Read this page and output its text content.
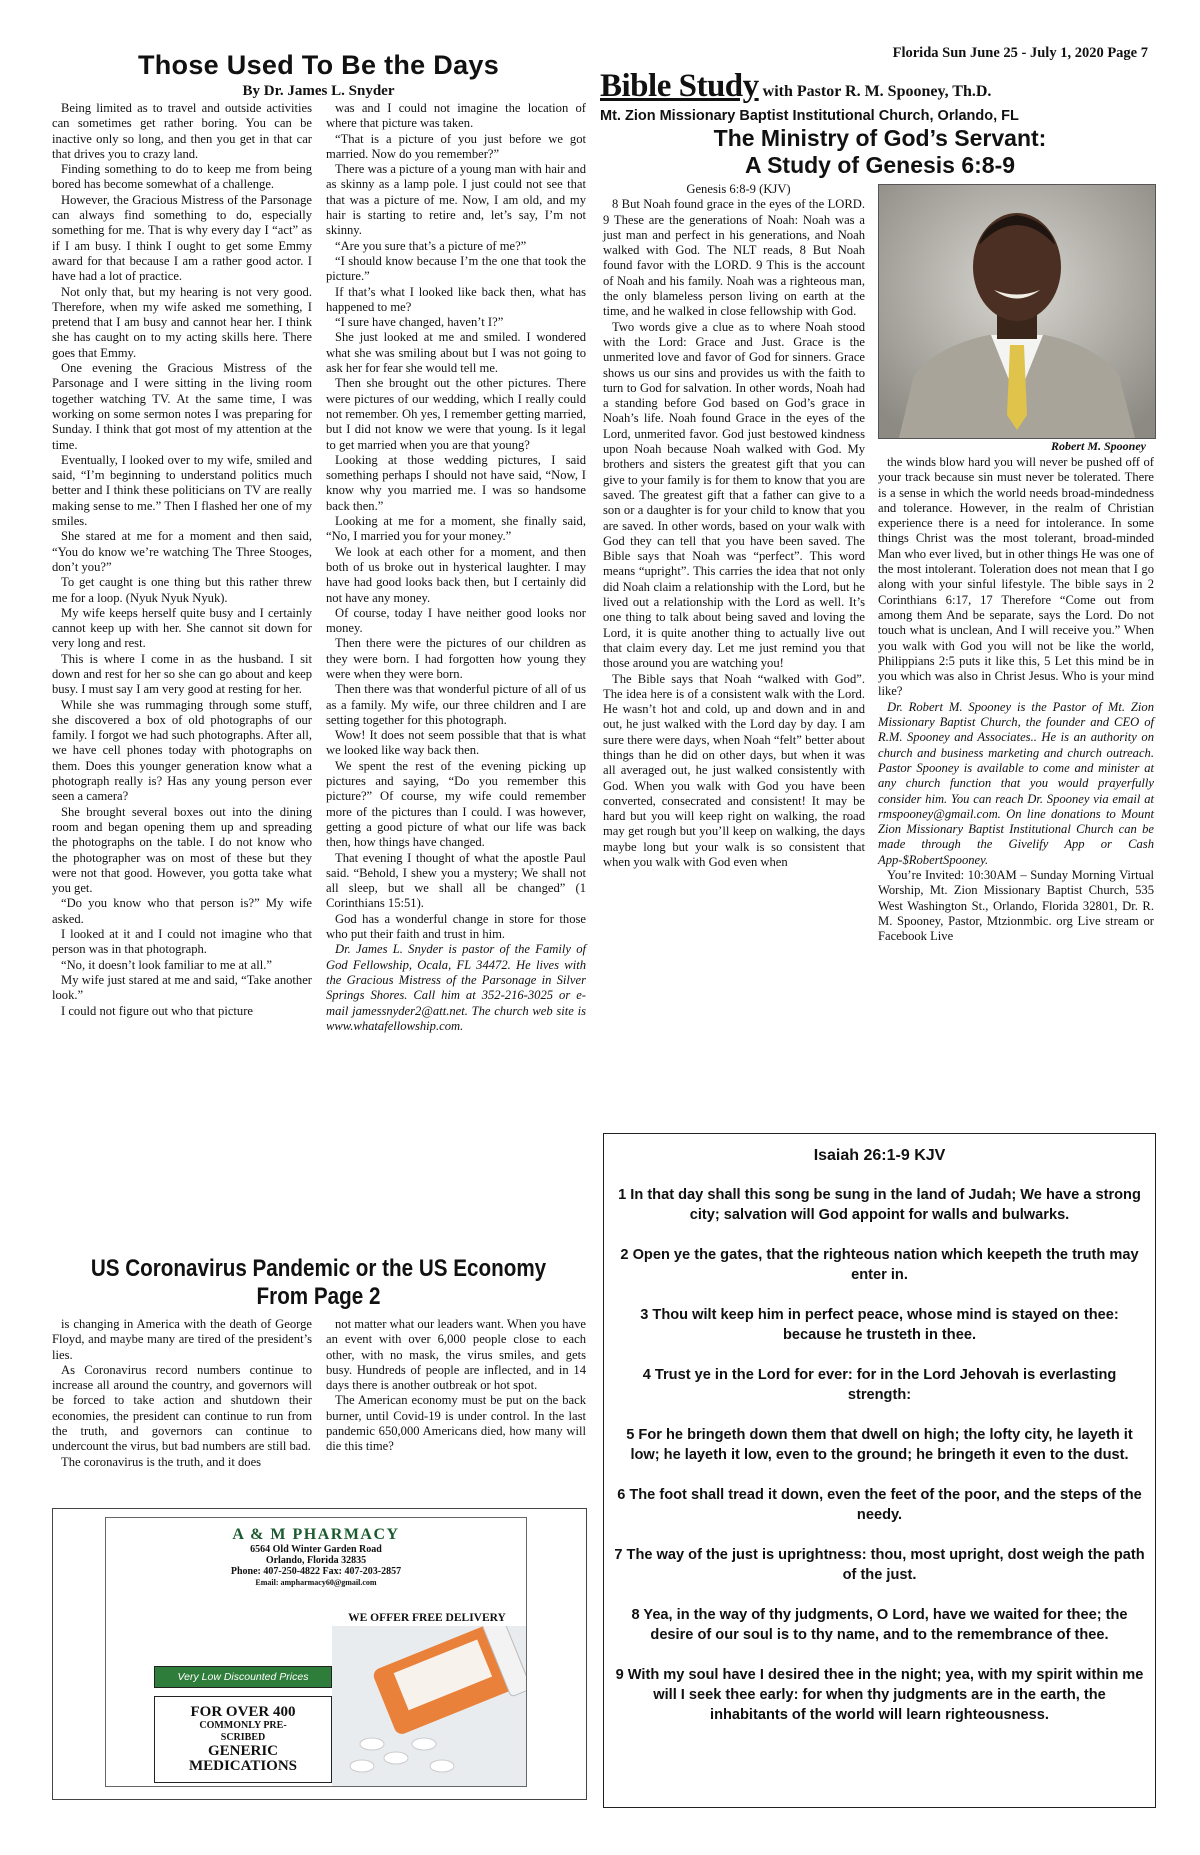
Those Used To Be the Days
By Dr. James L. Snyder

Being limited as to travel and outside activities can sometimes get rather boring. You can be inactive only so long, and then you get in that car that drives you to crazy land.

Finding something to do to keep me from being bored has become somewhat of a challenge.

However, the Gracious Mistress of the Parsonage can always find something to do, especially something for me. That is why every day I “act” as if I am busy. I think I ought to get some Emmy award for that because I am a rather good actor. I have had a lot of practice.

Not only that, but my hearing is not very good. Therefore, when my wife asked me something, I pretend that I am busy and cannot hear her. I think she has caught on to my acting skills here. There goes that Emmy.

One evening the Gracious Mistress of the Parsonage and I were sitting in the living room together watching TV. At the same time, I was working on some sermon notes I was preparing for Sunday. I think that got most of my attention at the time.

Eventually, I looked over to my wife, smiled and said, “I’m beginning to understand politics much better and I think these politicians on TV are really making sense to me.” Then I flashed her one of my smiles.

She stared at me for a moment and then said, “You do know we’re watching The Three Stooges, don’t you?”

To get caught is one thing but this rather threw me for a loop. (Nyuk Nyuk Nyuk).

My wife keeps herself quite busy and I certainly cannot keep up with her. She cannot sit down for very long and rest.

This is where I come in as the husband. I sit down and rest for her so she can go about and keep busy. I must say I am very good at resting for her.

While she was rummaging through some stuff, she discovered a box of old photographs of our family. I forgot we had such photographs. After all, we have cell phones today with photographs on them. Does this younger generation know what a photograph really is? Has any young person ever seen a camera?

She brought several boxes out into the dining room and began opening them up and spreading the photographs on the table. I do not know who the photographer was on most of these but they were not that good. However, you gotta take what you get.

“Do you know who that person is?” My wife asked.

I looked at it and I could not imagine who that person was in that photograph.

“No, it doesn’t look familiar to me at all.”

My wife just stared at me and said, “Take another look.”

I could not figure out who that picture

was and I could not imagine the location of where that picture was taken.

“That is a picture of you just before we got married. Now do you remember?”

There was a picture of a young man with hair and as skinny as a lamp pole. I just could not see that that was a picture of me. Now, I am old, and my hair is starting to retire and, let’s say, I’m not skinny.

“Are you sure that’s a picture of me?”

“I should know because I’m the one that took the picture.”

If that’s what I looked like back then, what has happened to me?

“I sure have changed, haven’t I?”

She just looked at me and smiled. I wondered what she was smiling about but I was not going to ask her for fear she would tell me.

Then she brought out the other pictures. There were pictures of our wedding, which I really could not remember. Oh yes, I remember getting married, but I did not know we were that young. Is it legal to get married when you are that young?

Looking at those wedding pictures, I said something perhaps I should not have said, “Now, I know why you married me. I was so handsome back then.”

Looking at me for a moment, she finally said, “No, I married you for your money.”

We look at each other for a moment, and then both of us broke out in hysterical laughter. I may have had good looks back then, but I certainly did not have any money.

Of course, today I have neither good looks nor money.

Then there were the pictures of our children as they were born. I had forgotten how young they were when they were born.

Then there was that wonderful picture of all of us as a family. My wife, our three children and I are setting together for this photograph.

Wow! It does not seem possible that that is what we looked like way back then.

We spent the rest of the evening picking up pictures and saying, “Do you remember this picture?” Of course, my wife could remember more of the pictures than I could. I was however, getting a good picture of what our life was back then, how things have changed.

That evening I thought of what the apostle Paul said. “Behold, I shew you a mystery; We shall not all sleep, but we shall all be changed” (1 Corinthians 15:51).

God has a wonderful change in store for those who put their faith and trust in him.

Dr. James L. Snyder is pastor of the Family of God Fellowship, Ocala, FL 34472. He lives with the Gracious Mistress of the Parsonage in Silver Springs Shores. Call him at 352-216-3025 or e-mail jamessnyder2@att.net. The church web site is www.whatafellowship.com.

US Coronavirus Pandemic or the US Economy
From Page 2

is changing in America with the death of George Floyd, and maybe many are tired of the president’s lies.

As Coronavirus record numbers continue to increase all around the country, and governors will be forced to take action and shutdown their economies, the president can continue to run from the truth, and governors can continue to undercount the virus, but bad numbers are still bad.

The coronavirus is the truth, and it does

not matter what our leaders want. When you have an event with over 6,000 people close to each other, with no mask, the virus smiles, and gets busy. Hundreds of people are inflected, and in 14 days there is another outbreak or hot spot.

The American economy must be put on the back burner, until Covid-19 is under control. In the last pandemic 650,000 Americans died, how many will die this time?

Florida Sun June 25 - July 1, 2020 Page 7
Bible Study with Pastor R. M. Spooney, Th.D.
Mt. Zion Missionary Baptist Institutional Church, Orlando, FL
The Ministry of God’s Servant:
A Study of Genesis 6:8-9

Genesis 6:8-9 (KJV)

8 But Noah found grace in the eyes of the LORD. 9 These are the generations of Noah: Noah was a just man and perfect in his generations, and Noah walked with God. The NLT reads, 8 But Noah found favor with the LORD. 9 This is the account of Noah and his family. Noah was a righteous man, the only blameless person living on earth at the time, and he walked in close fellowship with God.

Two words give a clue as to where Noah stood with the Lord: Grace and Just. Grace is the unmerited love and favor of God for sinners. Grace shows us our sins and provides us with the faith to turn to God for salvation. In other words, Noah had a standing before God based on God’s grace in Noah’s life. Noah found Grace in the eyes of the Lord, unmerited favor. God just bestowed kindness upon Noah because Noah walked with God. My brothers and sisters the greatest gift that you can give to your family is for them to know that you are saved. The greatest gift that a father can give to a son or a daughter is for your child to know that you are saved. In other words, based on your walk with God they can tell that you have been saved. The Bible says that Noah was “perfect”. This word means “upright”. This carries the idea that not only did Noah claim a relationship with the Lord, but he lived out a relationship with the Lord as well. It’s one thing to talk about being saved and loving the Lord, it is quite another thing to actually live out that claim every day. Let me just remind you that those around you are watching you!

The Bible says that Noah “walked with God”. The idea here is of a consistent walk with the Lord. He wasn’t hot and cold, up and down and in and out, he just walked with the Lord day by day. I am sure there were days, when Noah “felt” better about things than he did on other days, but when it was all averaged out, he just walked consistently with God. When you walk with God you have been converted, consecrated and consistent! It may be hard but you will keep right on walking, the road may get rough but you’ll keep on walking, the days maybe long but your walk is so consistent that when you walk with God even when

Robert M. Spooney

the winds blow hard you will never be pushed off of your track because sin must never be tolerated. There is a sense in which the world needs broad-mindedness and tolerance. However, in the realm of Christian experience there is a need for intolerance. In some things Christ was the most tolerant, broad-minded Man who ever lived, but in other things He was one of the most intolerant. Toleration does not mean that I go along with your sinful lifestyle. The bible says in 2 Corinthians 6:17, 17 Therefore “Come out from among them And be separate, says the Lord. Do not touch what is unclean, And I will receive you.” When you walk with God you will not be like the world, Philippians 2:5 puts it like this, 5 Let this mind be in you which was also in Christ Jesus. Who is your mind like?

Dr. Robert M. Spooney is the Pastor of Mt. Zion Missionary Baptist Church, the founder and CEO of R.M. Spooney and Associates.. He is an authority on church and business marketing and church outreach. Pastor Spooney is available to come and minister at any church function that you would prayerfully consider him. You can reach Dr. Spooney via email at rmspooney@gmail.com. On line donations to Mount Zion Missionary Baptist Institutional Church can be made through the Givelify App or Cash App-$RobertSpooney.

You’re Invited: 10:30AM – Sunday Morning Virtual Worship, Mt. Zion Missionary Baptist Church, 535 West Washington St., Orlando, Florida 32801, Dr. R. M. Spooney, Pastor, Mtzionmbic. org Live stream or Facebook Live

Isaiah 26:1-9 KJV
1 In that day shall this song be sung in the land of Judah; We have a strong city; salvation will God appoint for walls and bulwarks.
2 Open ye the gates, that the righteous nation which keepeth the truth may enter in.
3 Thou wilt keep him in perfect peace, whose mind is stayed on thee: because he trusteth in thee.
4 Trust ye in the Lord for ever: for in the Lord Jehovah is everlasting strength:
5 For he bringeth down them that dwell on high; the lofty city, he layeth it low; he layeth it low, even to the ground; he bringeth it even to the dust.
6 The foot shall tread it down, even the feet of the poor, and the steps of the needy.
7 The way of the just is uprightness: thou, most upright, dost weigh the path of the just.
8 Yea, in the way of thy judgments, O Lord, have we waited for thee; the desire of our soul is to thy name, and to the remembrance of thee.
9 With my soul have I desired thee in the night; yea, with my spirit within me will I seek thee early: for when thy judgments are in the earth, the inhabitants of the world will learn righteousness.
A & M PHARMACY
6564 Old Winter Garden Road
Orlando, Florida 32835
Phone: 407-250-4822 Fax: 407-203-2857
Email: ampharmacy60@gmail.com
WE OFFER FREE DELIVERY
Very Low Discounted Prices
FOR OVER 400
COMMONLY PRE-
SCRIBED
GENERIC
MEDICATIONS
